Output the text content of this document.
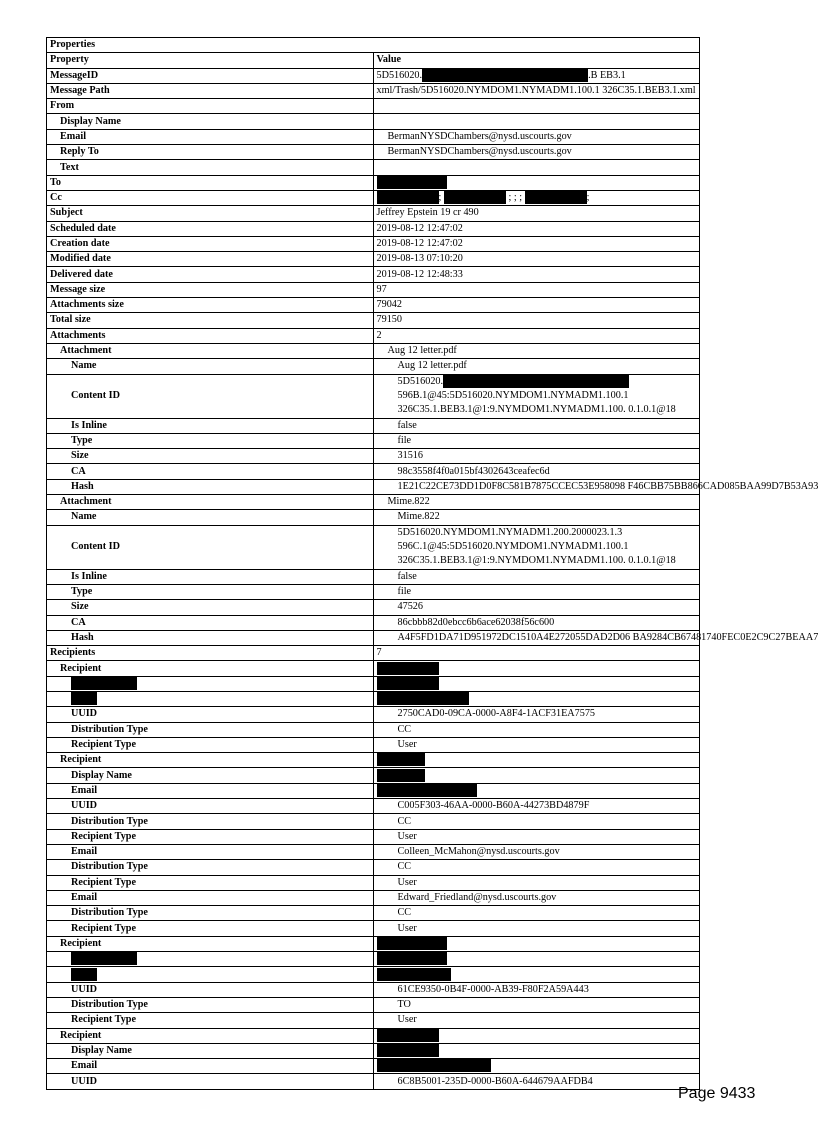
Properties	
Property	Value
MessageID	5D516020. .B EB3.1
Message Path	xml/Trash/5D516020.NYMDOM1.NYMADM1.100.1 326C35.1.BEB3.1.xml
From	
Display Name	
Email	BermanNYSDChambers@nysd.uscourts.gov
Reply To	BermanNYSDChambers@nysd.uscourts.gov
Text	
To	
Cc	; ; ; ; ;
Subject	Jeffrey Epstein 19 cr 490
Scheduled date	2019-08-12 12:47:02
Creation date	2019-08-12 12:47:02
Modified date	2019-08-13 07:10:20
Delivered date	2019-08-12 12:48:33
Message size	97
Attachments size	79042
Total size	79150
Attachments	2
Attachment	Aug 12 letter.pdf
Name	Aug 12 letter.pdf
Content ID	5D516020.
596B.1@45:5D516020.NYMDOM1.NYMADM1.100.1
326C35.1.BEB3.1@1:9.NYMDOM1.NYMADM1.100. 0.1.0.1@18

Is Inline	false
Type	file
Size	31516
CA	98c3558f4f0a015bf4302643ceafec6d
Hash	1E21C22CE73DD1D0F8C581B7875CCEC53E958098 F46CBB75BB866CAD085BAA99D7B53A93
Attachment	Mime.822
Name	Mime.822
Content ID	5D516020.NYMDOM1.NYMADM1.200.2000023.1.3
596C.1@45:5D516020.NYMDOM1.NYMADM1.100.1
326C35.1.BEB3.1@1:9.NYMDOM1.NYMADM1.100. 0.1.0.1@18

Is Inline	false
Type	file
Size	47526
CA	86cbbb82d0ebcc6b6ace62038f56c600
Hash	A4F5FD1DA71D951972DC1510A4E272055DAD2D06 BA9284CB67481740FEC0E2C9C27BEAA7
Recipients	7
Recipient	

UUID	2750CAD0-09CA-0000-A8F4-1ACF31EA7575
Distribution Type	CC
Recipient Type	User
Recipient	
Display Name	
Email	
UUID	C005F303-46AA-0000-B60A-44273BD4879F
Distribution Type	CC
Recipient Type	User
Email	Colleen_McMahon@nysd.uscourts.gov
Distribution Type	CC
Recipient Type	User
Email	Edward_Friedland@nysd.uscourts.gov
Distribution Type	CC
Recipient Type	User
Recipient	

UUID	61CE9350-0B4F-0000-AB39-F80F2A59A443
Distribution Type	TO
Recipient Type	User
Recipient	
Display Name	
Email	
UUID	6C8B5001-235D-0000-B60A-644679AAFDB4
Page 9433
